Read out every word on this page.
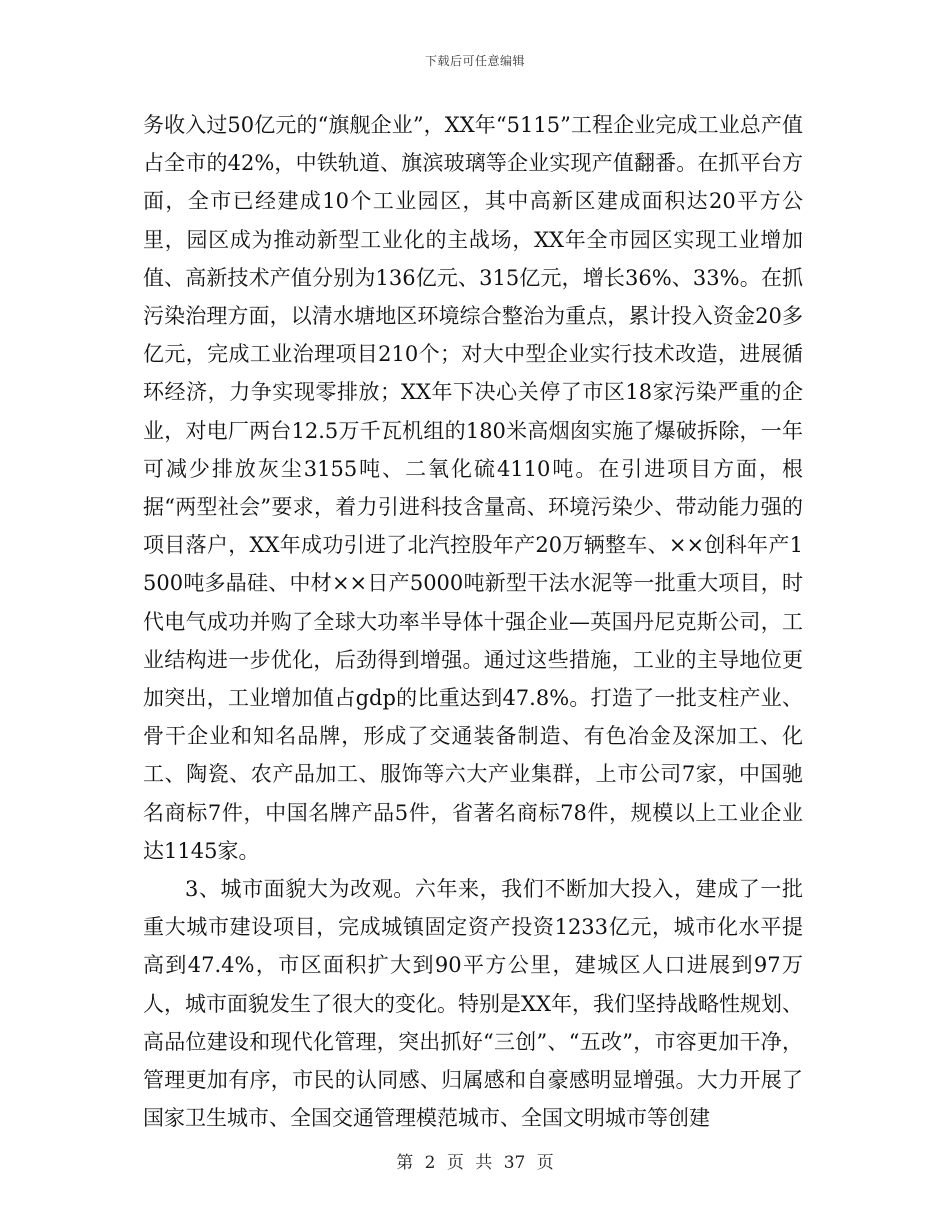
下载后可任意编辑

务收入过50亿元的“旗舰企业”，XX年“5115”工程企业完成工业总产值占全市的42%，中铁轨道、旗滨玻璃等企业实现产值翻番。在抓平台方面，全市已经建成10个工业园区，其中高新区建成面积达20平方公里，园区成为推动新型工业化的主战场，XX年全市园区实现工业增加值、高新技术产值分别为136亿元、315亿元，增长36%、33%。在抓污染治理方面，以清水塘地区环境综合整治为重点，累计投入资金20多亿元，完成工业治理项目210个；对大中型企业实行技术改造，进展循环经济，力争实现零排放；XX年下决心关停了市区18家污染严重的企业，对电厂两台12.5万千瓦机组的180米高烟囱实施了爆破拆除，一年可减少排放灰尘3155吨、二氧化硫4110吨。在引进项目方面，根据“两型社会”要求，着力引进科技含量高、环境污染少、带动能力强的项目落户，XX年成功引进了北汽控股年产20万辆整车、××创科年产1500吨多晶硅、中材××日产5000吨新型干法水泥等一批重大项目，时代电气成功并购了全球大功率半导体十强企业—英国丹尼克斯公司，工业结构进一步优化，后劲得到增强。通过这些措施，工业的主导地位更加突出，工业增加值占gdp的比重达到47.8%。打造了一批支柱产业、骨干企业和知名品牌，形成了交通装备制造、有色冶金及深加工、化工、陶瓷、农产品加工、服饰等六大产业集群，上市公司7家，中国驰名商标7件，中国名牌产品5件，省著名商标78件，规模以上工业企业达1145家。

3、城市面貌大为改观。六年来，我们不断加大投入，建成了一批重大城市建设项目，完成城镇固定资产投资1233亿元，城市化水平提高到47.4%，市区面积扩大到90平方公里，建城区人口进展到97万人，城市面貌发生了很大的变化。特别是XX年，我们坚持战略性规划、高品位建设和现代化管理，突出抓好“三创”、“五改”，市容更加干净，管理更加有序，市民的认同感、归属感和自豪感明显增强。大力开展了国家卫生城市、全国交通管理模范城市、全国文明城市等创建

第 2 页 共 37 页
